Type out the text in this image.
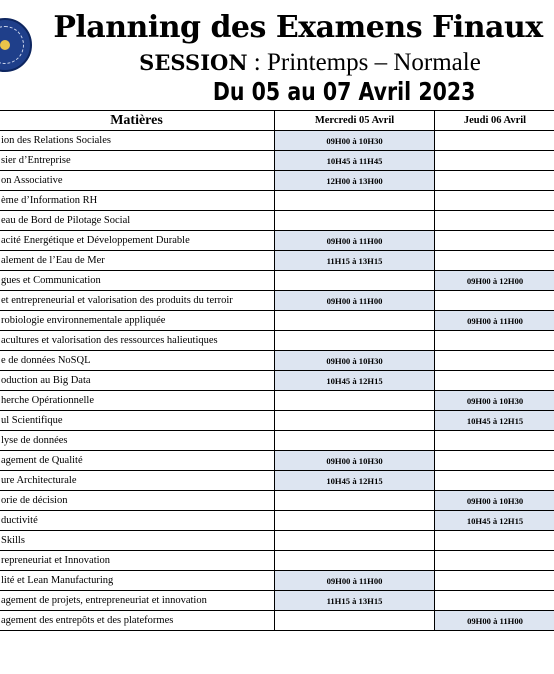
Planning des Examens Finaux
SESSION : Printemps – Normale
Du 05 au 07 Avril 2023
Matières	Mercredi 05 Avril	Jeudi 06 Avril
ion des Relations Sociales	09H00 à 10H30	
sier d’Entreprise	10H45 à 11H45	
on Associative	12H00 à 13H00	
ème d’Information RH		
eau de Bord de Pilotage Social		
acité Energétique et Développement Durable	09H00 à 11H00	
alement de l’Eau de Mer	11H15 à 13H15	
gues et Communication		09H00 à 12H00
et entrepreneurial et valorisation des produits du terroir	09H00 à 11H00	
robiologie environnementale appliquée		09H00 à 11H00
acultures et valorisation des ressources halieutiques		
e de données NoSQL	09H00 à 10H30	
oduction au Big Data	10H45 à 12H15	
herche Opérationnelle		09H00 à 10H30
ul Scientifique		10H45 à 12H15
lyse de données		
agement de Qualité	09H00 à 10H30	
ure Architecturale	10H45 à 12H15	
orie de décision		09H00 à 10H30
ductivité		10H45 à 12H15
Skills		
repreneuriat et Innovation		
lité et Lean Manufacturing	09H00 à 11H00	
agement de projets, entrepreneuriat et innovation	11H15 à 13H15	
agement des entrepôts et des plateformes		09H00 à 11H00
